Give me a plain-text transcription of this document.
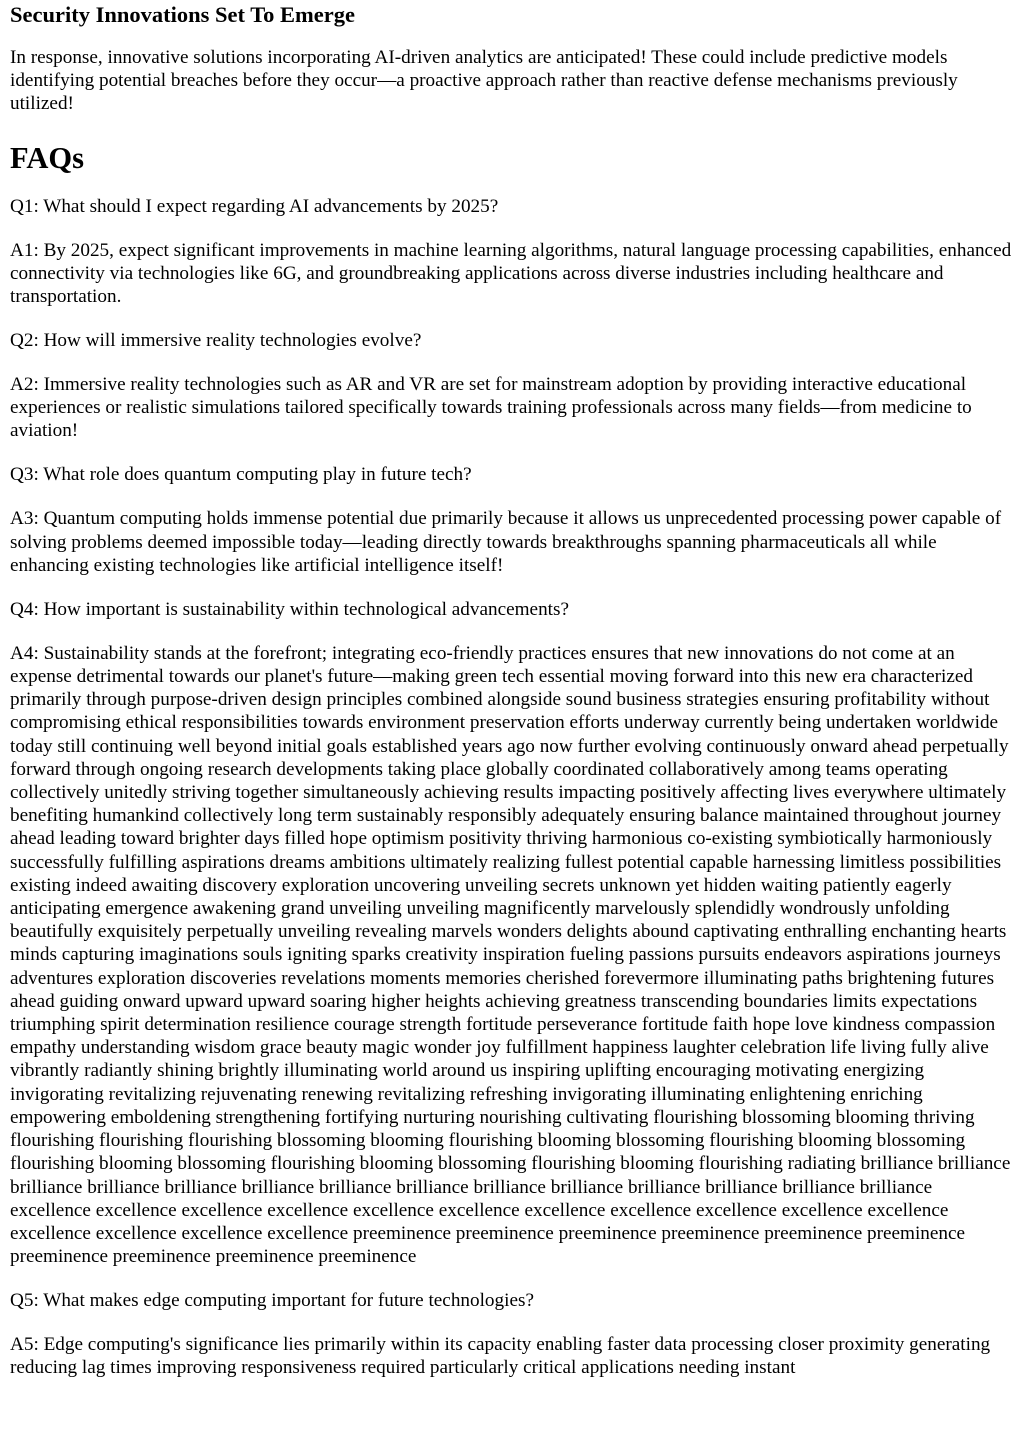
Security Innovations Set To Emerge

In response, innovative solutions incorporating AI-driven analytics are anticipated! These could include predictive models identifying potential breaches before they occur—a proactive approach rather than reactive defense mechanisms previously utilized!

FAQs

Q1: What should I expect regarding AI advancements by 2025?

A1: By 2025, expect significant improvements in machine learning algorithms, natural language processing capabilities, enhanced connectivity via technologies like 6G, and groundbreaking applications across diverse industries including healthcare and transportation.

Q2: How will immersive reality technologies evolve?

A2: Immersive reality technologies such as AR and VR are set for mainstream adoption by providing interactive educational experiences or realistic simulations tailored specifically towards training professionals across many fields—from medicine to aviation!

Q3: What role does quantum computing play in future tech?

A3: Quantum computing holds immense potential due primarily because it allows us unprecedented processing power capable of solving problems deemed impossible today—leading directly towards breakthroughs spanning pharmaceuticals all while enhancing existing technologies like artificial intelligence itself!

Q4: How important is sustainability within technological advancements?

A4: Sustainability stands at the forefront; integrating eco-friendly practices ensures that new innovations do not come at an expense detrimental towards our planet's future—making green tech essential moving forward into this new era characterized primarily through purpose-driven design principles combined alongside sound business strategies ensuring profitability without compromising ethical responsibilities towards environment preservation efforts underway currently being undertaken worldwide today still continuing well beyond initial goals established years ago now further evolving continuously onward ahead perpetually forward through ongoing research developments taking place globally coordinated collaboratively among teams operating collectively unitedly striving together simultaneously achieving results impacting positively affecting lives everywhere ultimately benefiting humankind collectively long term sustainably responsibly adequately ensuring balance maintained throughout journey ahead leading toward brighter days filled hope optimism positivity thriving harmonious co-existing symbiotically harmoniously successfully fulfilling aspirations dreams ambitions ultimately realizing fullest potential capable harnessing limitless possibilities existing indeed awaiting discovery exploration uncovering unveiling secrets unknown yet hidden waiting patiently eagerly anticipating emergence awakening grand unveiling unveiling magnificently marvelously splendidly wondrously unfolding beautifully exquisitely perpetually unveiling revealing marvels wonders delights abound captivating enthralling enchanting hearts minds capturing imaginations souls igniting sparks creativity inspiration fueling passions pursuits endeavors aspirations journeys adventures exploration discoveries revelations moments memories cherished forevermore illuminating paths brightening futures ahead guiding onward upward upward soaring higher heights achieving greatness transcending boundaries limits expectations triumphing spirit determination resilience courage strength fortitude perseverance fortitude faith hope love kindness compassion empathy understanding wisdom grace beauty magic wonder joy fulfillment happiness laughter celebration life living fully alive vibrantly radiantly shining brightly illuminating world around us inspiring uplifting encouraging motivating energizing invigorating revitalizing rejuvenating renewing revitalizing refreshing invigorating illuminating enlightening enriching empowering emboldening strengthening fortifying nurturing nourishing cultivating flourishing blossoming blooming thriving flourishing flourishing flourishing blossoming blooming flourishing blooming blossoming flourishing blooming blossoming flourishing blooming blossoming flourishing blooming blossoming flourishing blooming flourishing radiating brilliance brilliance brilliance brilliance brilliance brilliance brilliance brilliance brilliance brilliance brilliance brilliance brilliance brilliance excellence excellence excellence excellence excellence excellence excellence excellence excellence excellence excellence excellence excellence excellence excellence preeminence preeminence preeminence preeminence preeminence preeminence preeminence preeminence preeminence preeminence

Q5: What makes edge computing important for future technologies?

A5: Edge computing's significance lies primarily within its capacity enabling faster data processing closer proximity generating reducing lag times improving responsiveness required particularly critical applications needing instant
